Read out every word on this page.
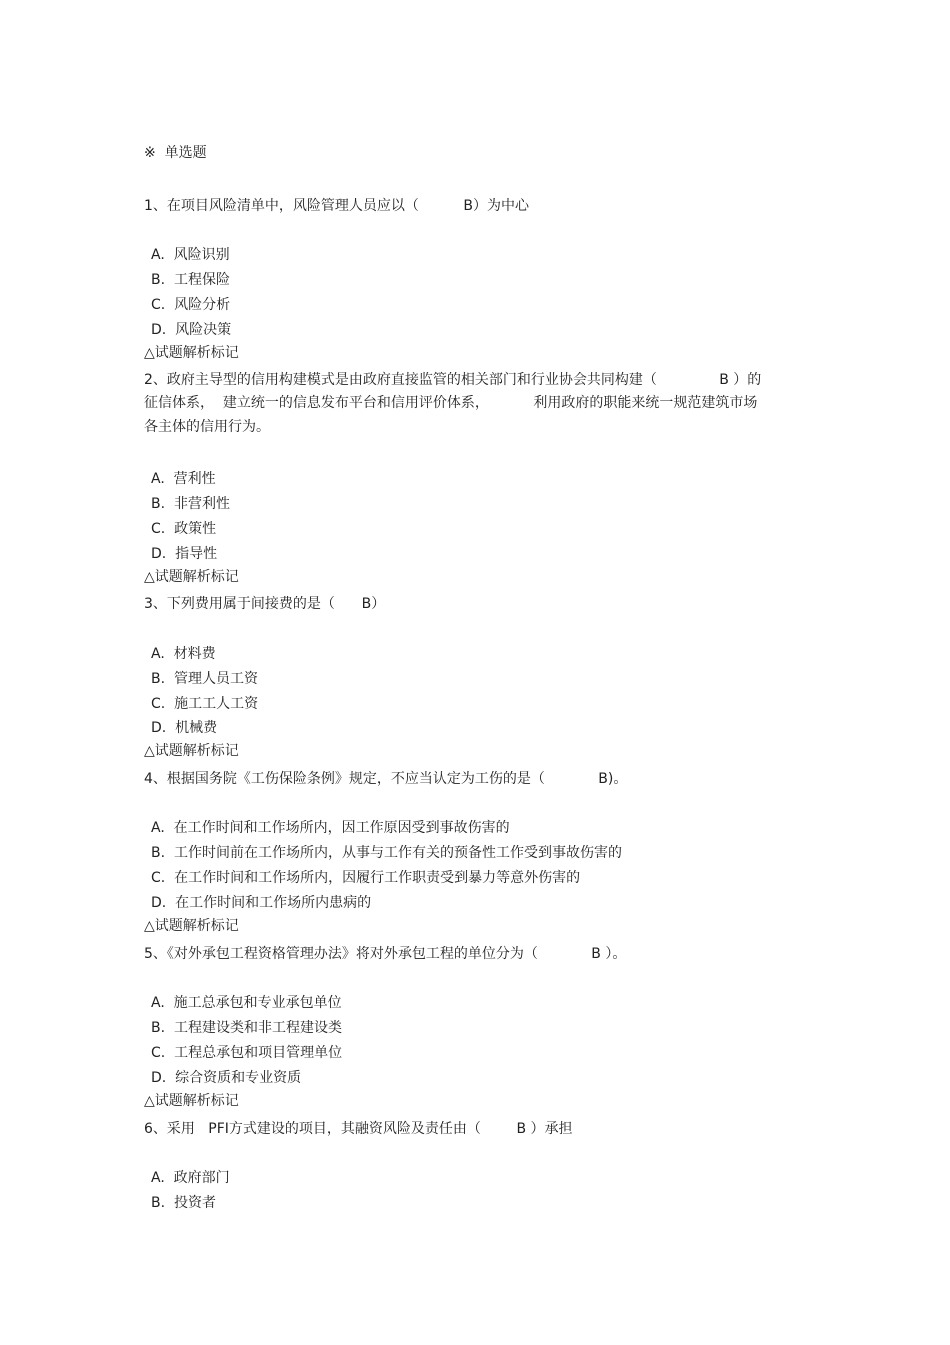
※  单选题
1、在项目风险清单中，风险管理人员应以（          B）为中心
A.  风险识别
B.  工程保险
C.  风险分析
D.  风险决策
△试题解析标记
2、政府主导型的信用构建模式是由政府直接监管的相关部门和行业协会共同构建（              B ）的
征信体系，  建立统一的信息发布平台和信用评价体系，          利用政府的职能来统一规范建筑市场
各主体的信用行为。
A.  营利性
B.  非营利性
C.  政策性
D.  指导性
△试题解析标记
3、下列费用属于间接费的是（      B）
A.  材料费
B.  管理人员工资
C.  施工工人工资
D.  机械费
△试题解析标记
4、根据国务院《工伤保险条例》规定，不应当认定为工伤的是（            B)。
A.  在工作时间和工作场所内，因工作原因受到事故伤害的
B.  工作时间前在工作场所内，从事与工作有关的预备性工作受到事故伤害的
C.  在工作时间和工作场所内，因履行工作职责受到暴力等意外伤害的
D.  在工作时间和工作场所内患病的
△试题解析标记
5、《对外承包工程资格管理办法》将对外承包工程的单位分为（            B ）。
A.  施工总承包和专业承包单位
B.  工程建设类和非工程建设类
C.  工程总承包和项目管理单位
D.  综合资质和专业资质
△试题解析标记
6、采用   PFI方式建设的项目，其融资风险及责任由（        B ）承担
A.  政府部门
B.  投资者
